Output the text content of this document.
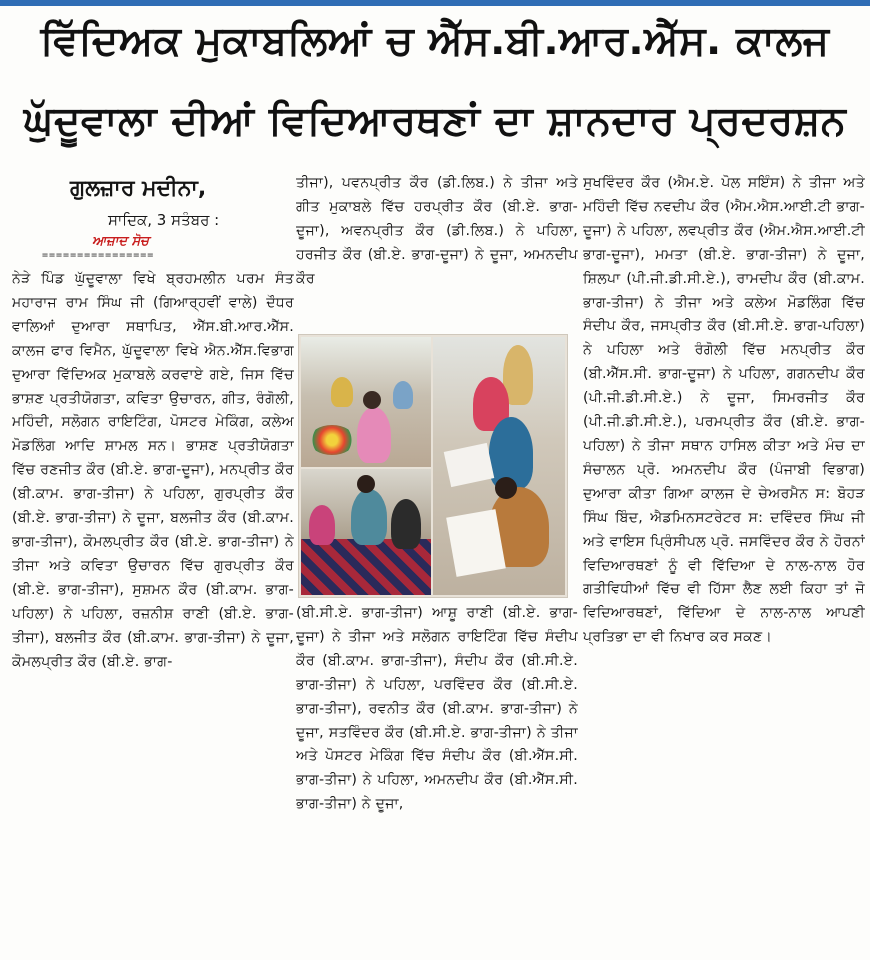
ਵਿੱਦਿਅਕ ਮੁਕਾਬਲਿਆਂ ਚ ਐੱਸ.ਬੀ.ਆਰ.ਐੱਸ. ਕਾਲਜ
ਘੁੱਦੂਵਾਲਾ ਦੀਆਂ ਵਿਦਿਆਰਥਣਾਂ ਦਾ ਸ਼ਾਨਦਾਰ ਪ੍ਰਦਰਸ਼ਨ
ਗੁਲਜ਼ਾਰ ਮਦੀਨਾ,
ਸਾਦਿਕ, 3 ਸਤੰਬਰ :
ਆਜ਼ਾਦ ਸੋਚ
================
ਨੇੜੇ ਪਿੰਡ ਘੁੱਦੂਵਾਲਾ ਵਿਖੇ ਬ੍ਰਹਮਲੀਨ ਪਰਮ ਸੰਤ ਮਹਾਰਾਜ ਰਾਮ ਸਿੰਘ ਜੀ (ਗਿਆਰ੍ਹਵੀਂ ਵਾਲੇ) ਦੌਧਰ ਵਾਲਿਆਂ ਦੁਆਰਾ ਸਥਾਪਿਤ, ਐੱਸ.ਬੀ.ਆਰ.ਐੱਸ. ਕਾਲਜ ਫਾਰ ਵਿਮੈਨ, ਘੁੱਦੂਵਾਲਾ ਵਿਖੇ ਐਨ.ਐੱਸ.ਵਿਭਾਗ ਦੁਆਰਾ ਵਿੱਦਿਅਕ ਮੁਕਾਬਲੇ ਕਰਵਾਏ ਗਏ, ਜਿਸ ਵਿੱਚ ਭਾਸ਼ਣ ਪ੍ਰਤੀਯੋਗਤਾ, ਕਵਿਤਾ ਉਚਾਰਨ, ਗੀਤ, ਰੰਗੋਲੀ, ਮਹਿੰਦੀ, ਸਲੋਗਨ ਰਾਇਟਿੰਗ, ਪੋਸਟਰ ਮੇਕਿੰਗ, ਕਲੇਅ ਮੋਡਲਿੰਗ ਆਦਿ ਸ਼ਾਮਲ ਸਨ। ਭਾਸ਼ਣ ਪ੍ਰਤੀਯੋਗਤਾ ਵਿੱਚ ਰਣਜੀਤ ਕੌਰ (ਬੀ.ਏ. ਭਾਗ-ਦੂਜਾ), ਮਨਪ੍ਰੀਤ ਕੌਰ (ਬੀ.ਕਾਮ. ਭਾਗ-ਤੀਜਾ) ਨੇ ਪਹਿਲਾ, ਗੁਰਪ੍ਰੀਤ ਕੌਰ (ਬੀ.ਏ. ਭਾਗ-ਤੀਜਾ) ਨੇ ਦੂਜਾ, ਬਲਜੀਤ ਕੌਰ (ਬੀ.ਕਾਮ. ਭਾਗ-ਤੀਜਾ), ਕੋਮਲਪ੍ਰੀਤ ਕੌਰ (ਬੀ.ਏ. ਭਾਗ-ਤੀਜਾ) ਨੇ ਤੀਜਾ ਅਤੇ ਕਵਿਤਾ ਉਚਾਰਨ ਵਿੱਚ ਗੁਰਪ੍ਰੀਤ ਕੌਰ (ਬੀ.ਏ. ਭਾਗ-ਤੀਜਾ), ਸੁਸ਼ਮਨ ਕੌਰ (ਬੀ.ਕਾਮ. ਭਾਗ-ਪਹਿਲਾ) ਨੇ ਪਹਿਲਾ, ਰਜ਼ਨੀਸ਼ ਰਾਣੀ (ਬੀ.ਏ. ਭਾਗ-ਤੀਜਾ), ਬਲਜੀਤ ਕੌਰ (ਬੀ.ਕਾਮ. ਭਾਗ-ਤੀਜਾ) ਨੇ ਦੂਜਾ, ਕੋਮਲਪ੍ਰੀਤ ਕੌਰ (ਬੀ.ਏ. ਭਾਗ-
ਤੀਜਾ), ਪਵਨਪ੍ਰੀਤ ਕੌਰ (ਡੀ.ਲਿਬ.) ਨੇ ਤੀਜਾ ਅਤੇ ਗੀਤ ਮੁਕਾਬਲੇ ਵਿੱਚ ਹਰਪ੍ਰੀਤ ਕੌਰ (ਬੀ.ਏ. ਭਾਗ-ਦੂਜਾ), ਅਵਨਪ੍ਰੀਤ ਕੌਰ (ਡੀ.ਲਿਬ.) ਨੇ ਪਹਿਲਾ, ਹਰਜੀਤ ਕੌਰ (ਬੀ.ਏ. ਭਾਗ-ਦੂਜਾ) ਨੇ ਦੂਜਾ, ਅਮਨਦੀਪ ਕੌਰ
(ਬੀ.ਸੀ.ਏ. ਭਾਗ-ਤੀਜਾ) ਆਸ਼ੂ ਰਾਣੀ (ਬੀ.ਏ. ਭਾਗ-ਦੂਜਾ) ਨੇ ਤੀਜਾ ਅਤੇ ਸਲੋਗਨ ਰਾਇਟਿੰਗ ਵਿੱਚ ਸੰਦੀਪ ਕੌਰ (ਬੀ.ਕਾਮ. ਭਾਗ-ਤੀਜਾ), ਸੰਦੀਪ ਕੌਰ (ਬੀ.ਸੀ.ਏ. ਭਾਗ-ਤੀਜਾ) ਨੇ ਪਹਿਲਾ, ਪਰਵਿੰਦਰ ਕੌਰ (ਬੀ.ਸੀ.ਏ. ਭਾਗ-ਤੀਜਾ), ਰਵਨੀਤ ਕੌਰ (ਬੀ.ਕਾਮ. ਭਾਗ-ਤੀਜਾ) ਨੇ ਦੂਜਾ, ਸਤਵਿੰਦਰ ਕੌਰ (ਬੀ.ਸੀ.ਏ. ਭਾਗ-ਤੀਜਾ) ਨੇ ਤੀਜਾ ਅਤੇ ਪੋਸਟਰ ਮੇਕਿੰਗ ਵਿੱਚ ਸੰਦੀਪ ਕੌਰ (ਬੀ.ਐੱਸ.ਸੀ. ਭਾਗ-ਤੀਜਾ) ਨੇ ਪਹਿਲਾ, ਅਮਨਦੀਪ ਕੌਰ (ਬੀ.ਐੱਸ.ਸੀ. ਭਾਗ-ਤੀਜਾ) ਨੇ ਦੂਜਾ,
ਸੁਖਵਿੰਦਰ ਕੌਰ (ਐਮ.ਏ. ਪੋਲ ਸਇੰਸ) ਨੇ ਤੀਜਾ ਅਤੇ ਮਹਿੰਦੀ ਵਿੱਚ ਨਵਦੀਪ ਕੌਰ (ਐਮ.ਐਸ.ਆਈ.ਟੀ ਭਾਗ-ਦੂਜਾ) ਨੇ ਪਹਿਲਾ, ਲਵਪ੍ਰੀਤ ਕੌਰ (ਐਮ.ਐਸ.ਆਈ.ਟੀ ਭਾਗ-ਦੂਜਾ), ਮਮਤਾ (ਬੀ.ਏ. ਭਾਗ-ਤੀਜਾ) ਨੇ ਦੂਜਾ, ਸ਼ਿਲਪਾ (ਪੀ.ਜੀ.ਡੀ.ਸੀ.ਏ.), ਰਾਮਦੀਪ ਕੌਰ (ਬੀ.ਕਾਮ. ਭਾਗ-ਤੀਜਾ) ਨੇ ਤੀਜਾ ਅਤੇ ਕਲੇਅ ਮੋਡਲਿੰਗ ਵਿੱਚ ਸੰਦੀਪ ਕੌਰ, ਜਸਪ੍ਰੀਤ ਕੌਰ (ਬੀ.ਸੀ.ਏ. ਭਾਗ-ਪਹਿਲਾ) ਨੇ ਪਹਿਲਾ ਅਤੇ ਰੰਗੋਲੀ ਵਿੱਚ ਮਨਪ੍ਰੀਤ ਕੌਰ (ਬੀ.ਐੱਸ.ਸੀ. ਭਾਗ-ਦੂਜਾ) ਨੇ ਪਹਿਲਾ, ਗਗਨਦੀਪ ਕੌਰ (ਪੀ.ਜੀ.ਡੀ.ਸੀ.ਏ.) ਨੇ ਦੂਜਾ, ਸਿਮਰਜੀਤ ਕੌਰ (ਪੀ.ਜੀ.ਡੀ.ਸੀ.ਏ.), ਪਰਮਪ੍ਰੀਤ ਕੌਰ (ਬੀ.ਏ. ਭਾਗ-ਪਹਿਲਾ) ਨੇ ਤੀਜਾ ਸਥਾਨ ਹਾਸਿਲ ਕੀਤਾ ਅਤੇ ਮੰਚ ਦਾ ਸੰਚਾਲਨ ਪ੍ਰੋ. ਅਮਨਦੀਪ ਕੌਰ (ਪੰਜਾਬੀ ਵਿਭਾਗ) ਦੁਆਰਾ ਕੀਤਾ ਗਿਆ ਕਾਲਜ ਦੇ ਚੇਅਰਮੈਨ ਸ: ਬੋਹੜ ਸਿੰਘ ਬਿੰਦ, ਐਡਮਿਨਸਟਰੇਟਰ ਸ: ਦਵਿੰਦਰ ਸਿੰਘ ਜੀ ਅਤੇ ਵਾਇਸ ਪ੍ਰਿੰਸੀਪਲ ਪ੍ਰੋ. ਜਸਵਿੰਦਰ ਕੌਰ ਨੇ ਹੋਰਨਾਂ ਵਿਦਿਆਰਥਣਾਂ ਨੂੰ ਵੀ ਵਿੱਦਿਆ ਦੇ ਨਾਲ-ਨਾਲ ਹੋਰ ਗਤੀਵਿਧੀਆਂ ਵਿੱਚ ਵੀ ਹਿੱਸਾ ਲੈਣ ਲਈ ਕਿਹਾ ਤਾਂ ਜੋ ਵਿਦਿਆਰਥਣਾਂ, ਵਿੱਦਿਆ ਦੇ ਨਾਲ-ਨਾਲ ਆਪਣੀ ਪ੍ਰਤਿਭਾ ਦਾ ਵੀ ਨਿਖਾਰ ਕਰ ਸਕਣ।
